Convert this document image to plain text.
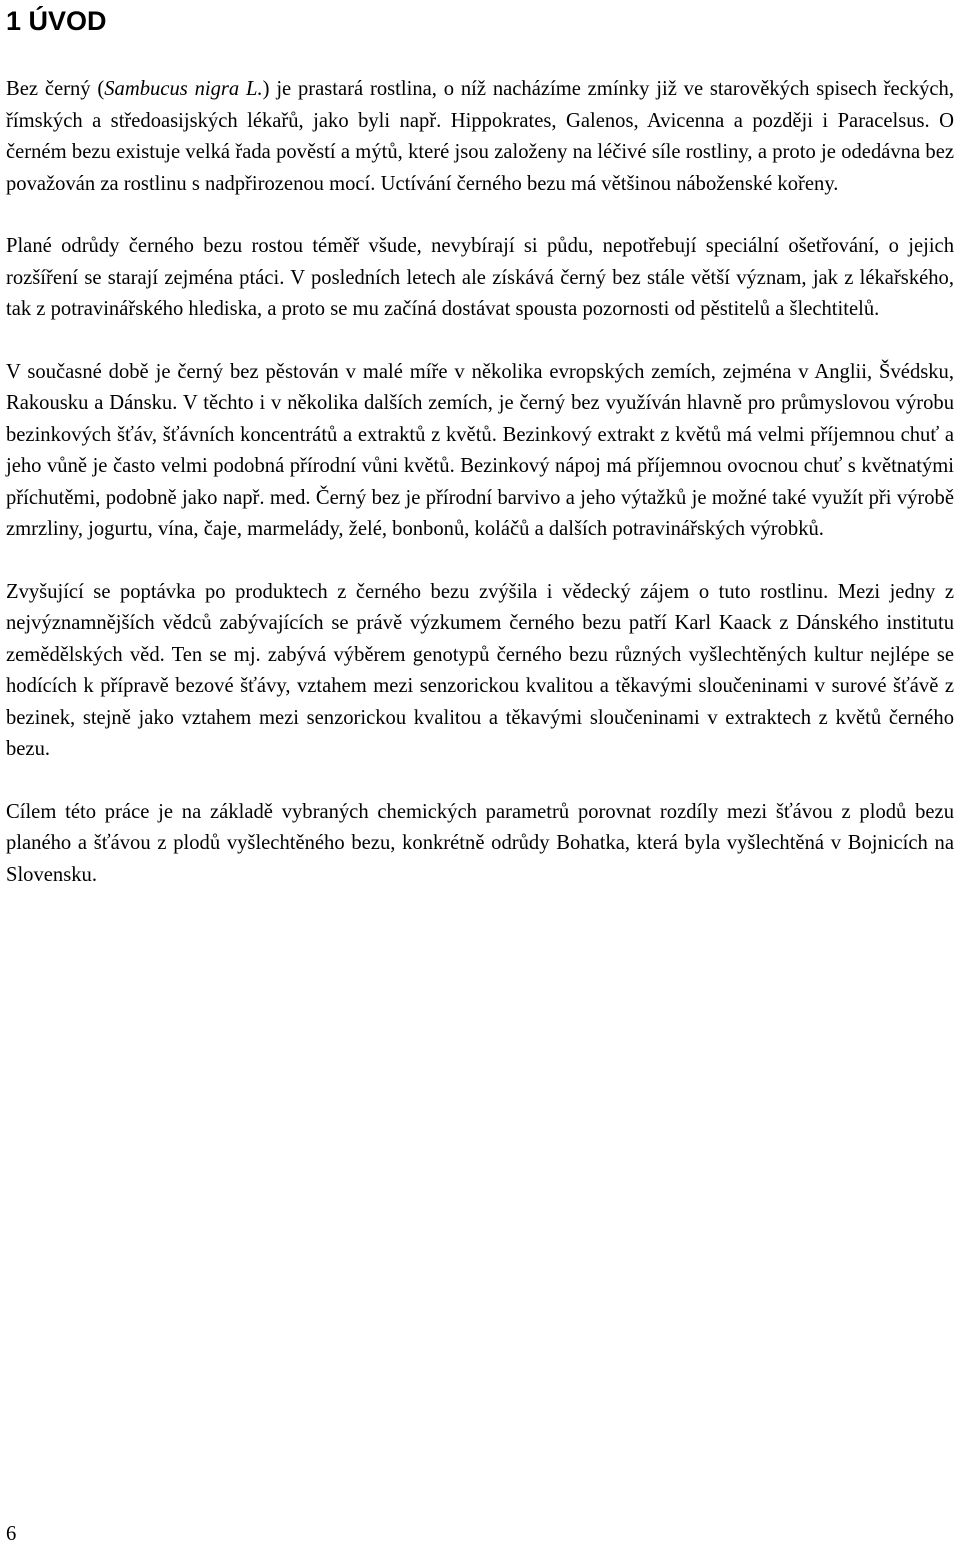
1 ÚVOD

Bez černý (Sambucus nigra L.) je prastará rostlina, o níž nacházíme zmínky již ve starověkých spisech řeckých, římských a středoasijských lékařů, jako byli např. Hippokrates, Galenos, Avicenna a později i Paracelsus. O černém bezu existuje velká řada pověstí a mýtů, které jsou založeny na léčivé síle rostliny, a proto je odedávna bez považován za rostlinu s nadpřirozenou mocí. Uctívání černého bezu má většinou náboženské kořeny.

Plané odrůdy černého bezu rostou téměř všude, nevybírají si půdu, nepotřebují speciální ošetřování, o jejich rozšíření se starají zejména ptáci. V posledních letech ale získává černý bez stále větší význam, jak z lékařského, tak z potravinářského hlediska, a proto se mu začíná dostávat spousta pozornosti od pěstitelů a šlechtitelů.

V současné době je černý bez pěstován v malé míře v několika evropských zemích, zejména v Anglii, Švédsku, Rakousku a Dánsku. V těchto i v několika dalších zemích, je černý bez využíván hlavně pro průmyslovou výrobu bezinkových šťáv, šťávních koncentrátů a extraktů z květů. Bezinkový extrakt z květů má velmi příjemnou chuť a jeho vůně je často velmi podobná přírodní vůni květů. Bezinkový nápoj má příjemnou ovocnou chuť s květnatými příchutěmi, podobně jako např. med. Černý bez je přírodní barvivo a jeho výtažků je možné také využít při výrobě zmrzliny, jogurtu, vína, čaje, marmelády, želé, bonbonů, koláčů a dalších potravinářských výrobků.

Zvyšující se poptávka po produktech z černého bezu zvýšila i vědecký zájem o tuto rostlinu. Mezi jedny z nejvýznamnějších vědců zabývajících se právě výzkumem černého bezu patří Karl Kaack z Dánského institutu zemědělských věd. Ten se mj. zabývá výběrem genotypů černého bezu různých vyšlechtěných kultur nejlépe se hodících k přípravě bezové šťávy, vztahem mezi senzorickou kvalitou a těkavými sloučeninami v surové šťávě z bezinek, stejně jako vztahem mezi senzorickou kvalitou a těkavými sloučeninami v extraktech z květů černého bezu.

Cílem této práce je na základě vybraných chemických parametrů porovnat rozdíly mezi šťávou z plodů bezu planého a šťávou z plodů vyšlechtěného bezu, konkrétně odrůdy Bohatka, která byla vyšlechtěná v Bojnicích na Slovensku.

6
